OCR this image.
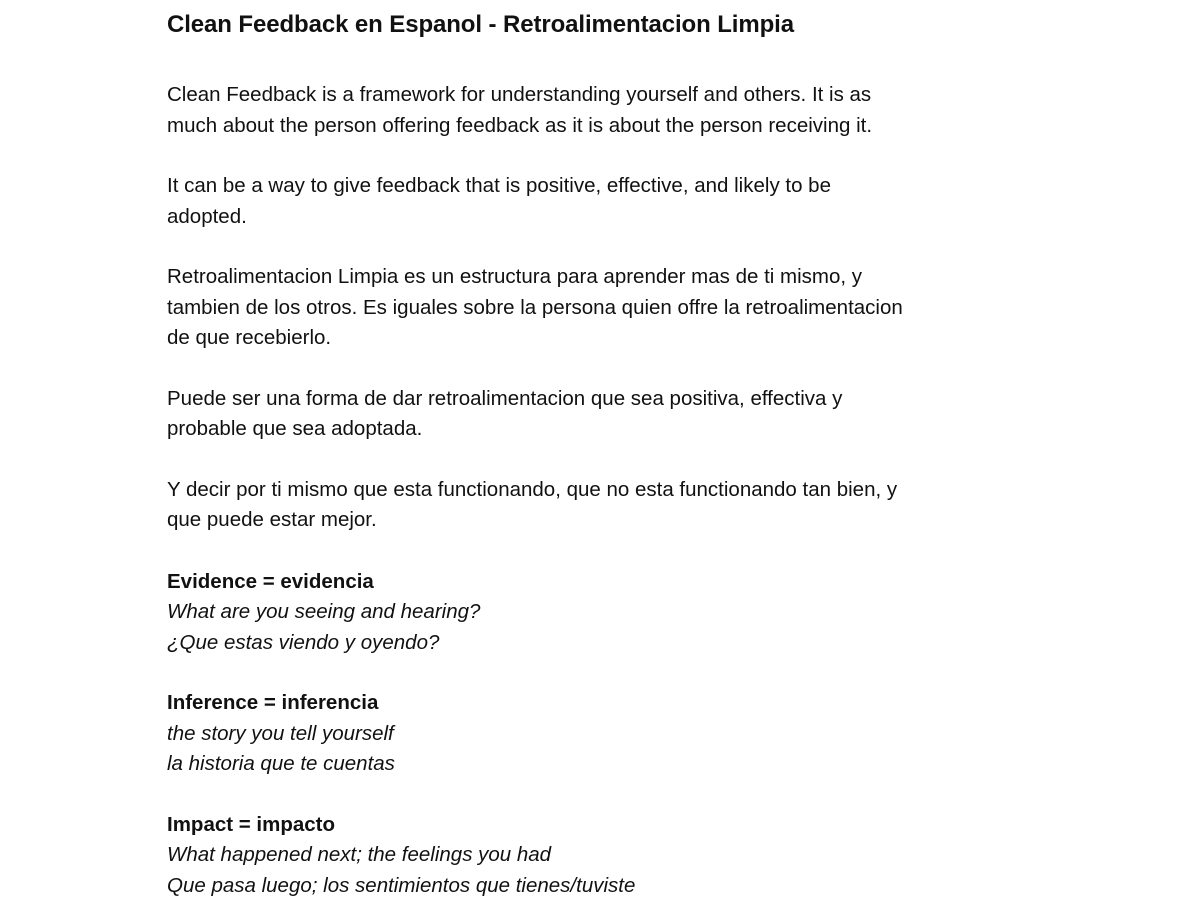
Clean Feedback en Espanol - Retroalimentacion Limpia

Clean Feedback is a framework for understanding yourself and others. It is as
much about the person offering feedback as it is about the person receiving it.

It can be a way to give feedback that is positive, effective, and likely to be
adopted.

Retroalimentacion Limpia es un estructura para aprender mas de ti mismo, y
tambien de los otros. Es iguales sobre la persona quien offre la retroalimentacion
de que recebierlo.

Puede ser una forma de dar retroalimentacion que sea positiva, effectiva y
probable que sea adoptada.

Y decir por ti mismo que esta functionando, que no esta functionando tan bien, y
que puede estar mejor.

Evidence = evidencia

What are you seeing and hearing?

¿Que estas viendo y oyendo?

Inference = inferencia

the story you tell yourself

la historia que te cuentas

Impact = impacto

What happened next; the feelings you had

Que pasa luego; los sentimientos que tienes/tuviste
